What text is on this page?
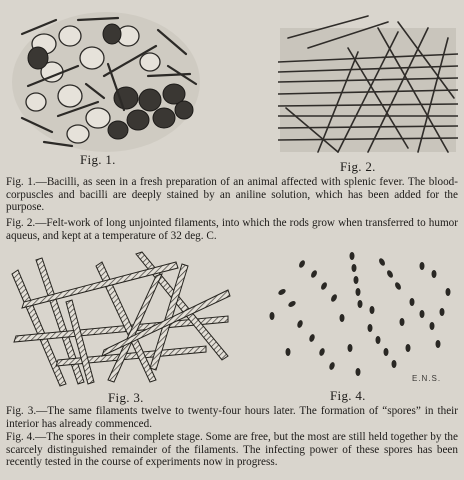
Fig. 1.	Fig. 2.
Fig. 1.—Bacilli, as seen in a fresh preparation of an animal affected with splenic fever. The blood-corpuscles and bacilli are deeply stained by an aniline solution, which has been added for the purpose.
Fig. 2.—Felt-work of long unjointed filaments, into which the rods grow when transferred to humor aqueus, and kept at a temperature of 32 deg. C.
Fig. 3.	Fig. 4.
E.N.S.
Fig. 3.—The same filaments twelve to twenty-four hours later. The formation of “spores” in their interior has already commenced.
Fig. 4.—The spores in their complete stage. Some are free, but the most are still held together by the scarcely distinguished remainder of the filaments. The infecting power of these spores has been recently tested in the course of experiments now in progress.
